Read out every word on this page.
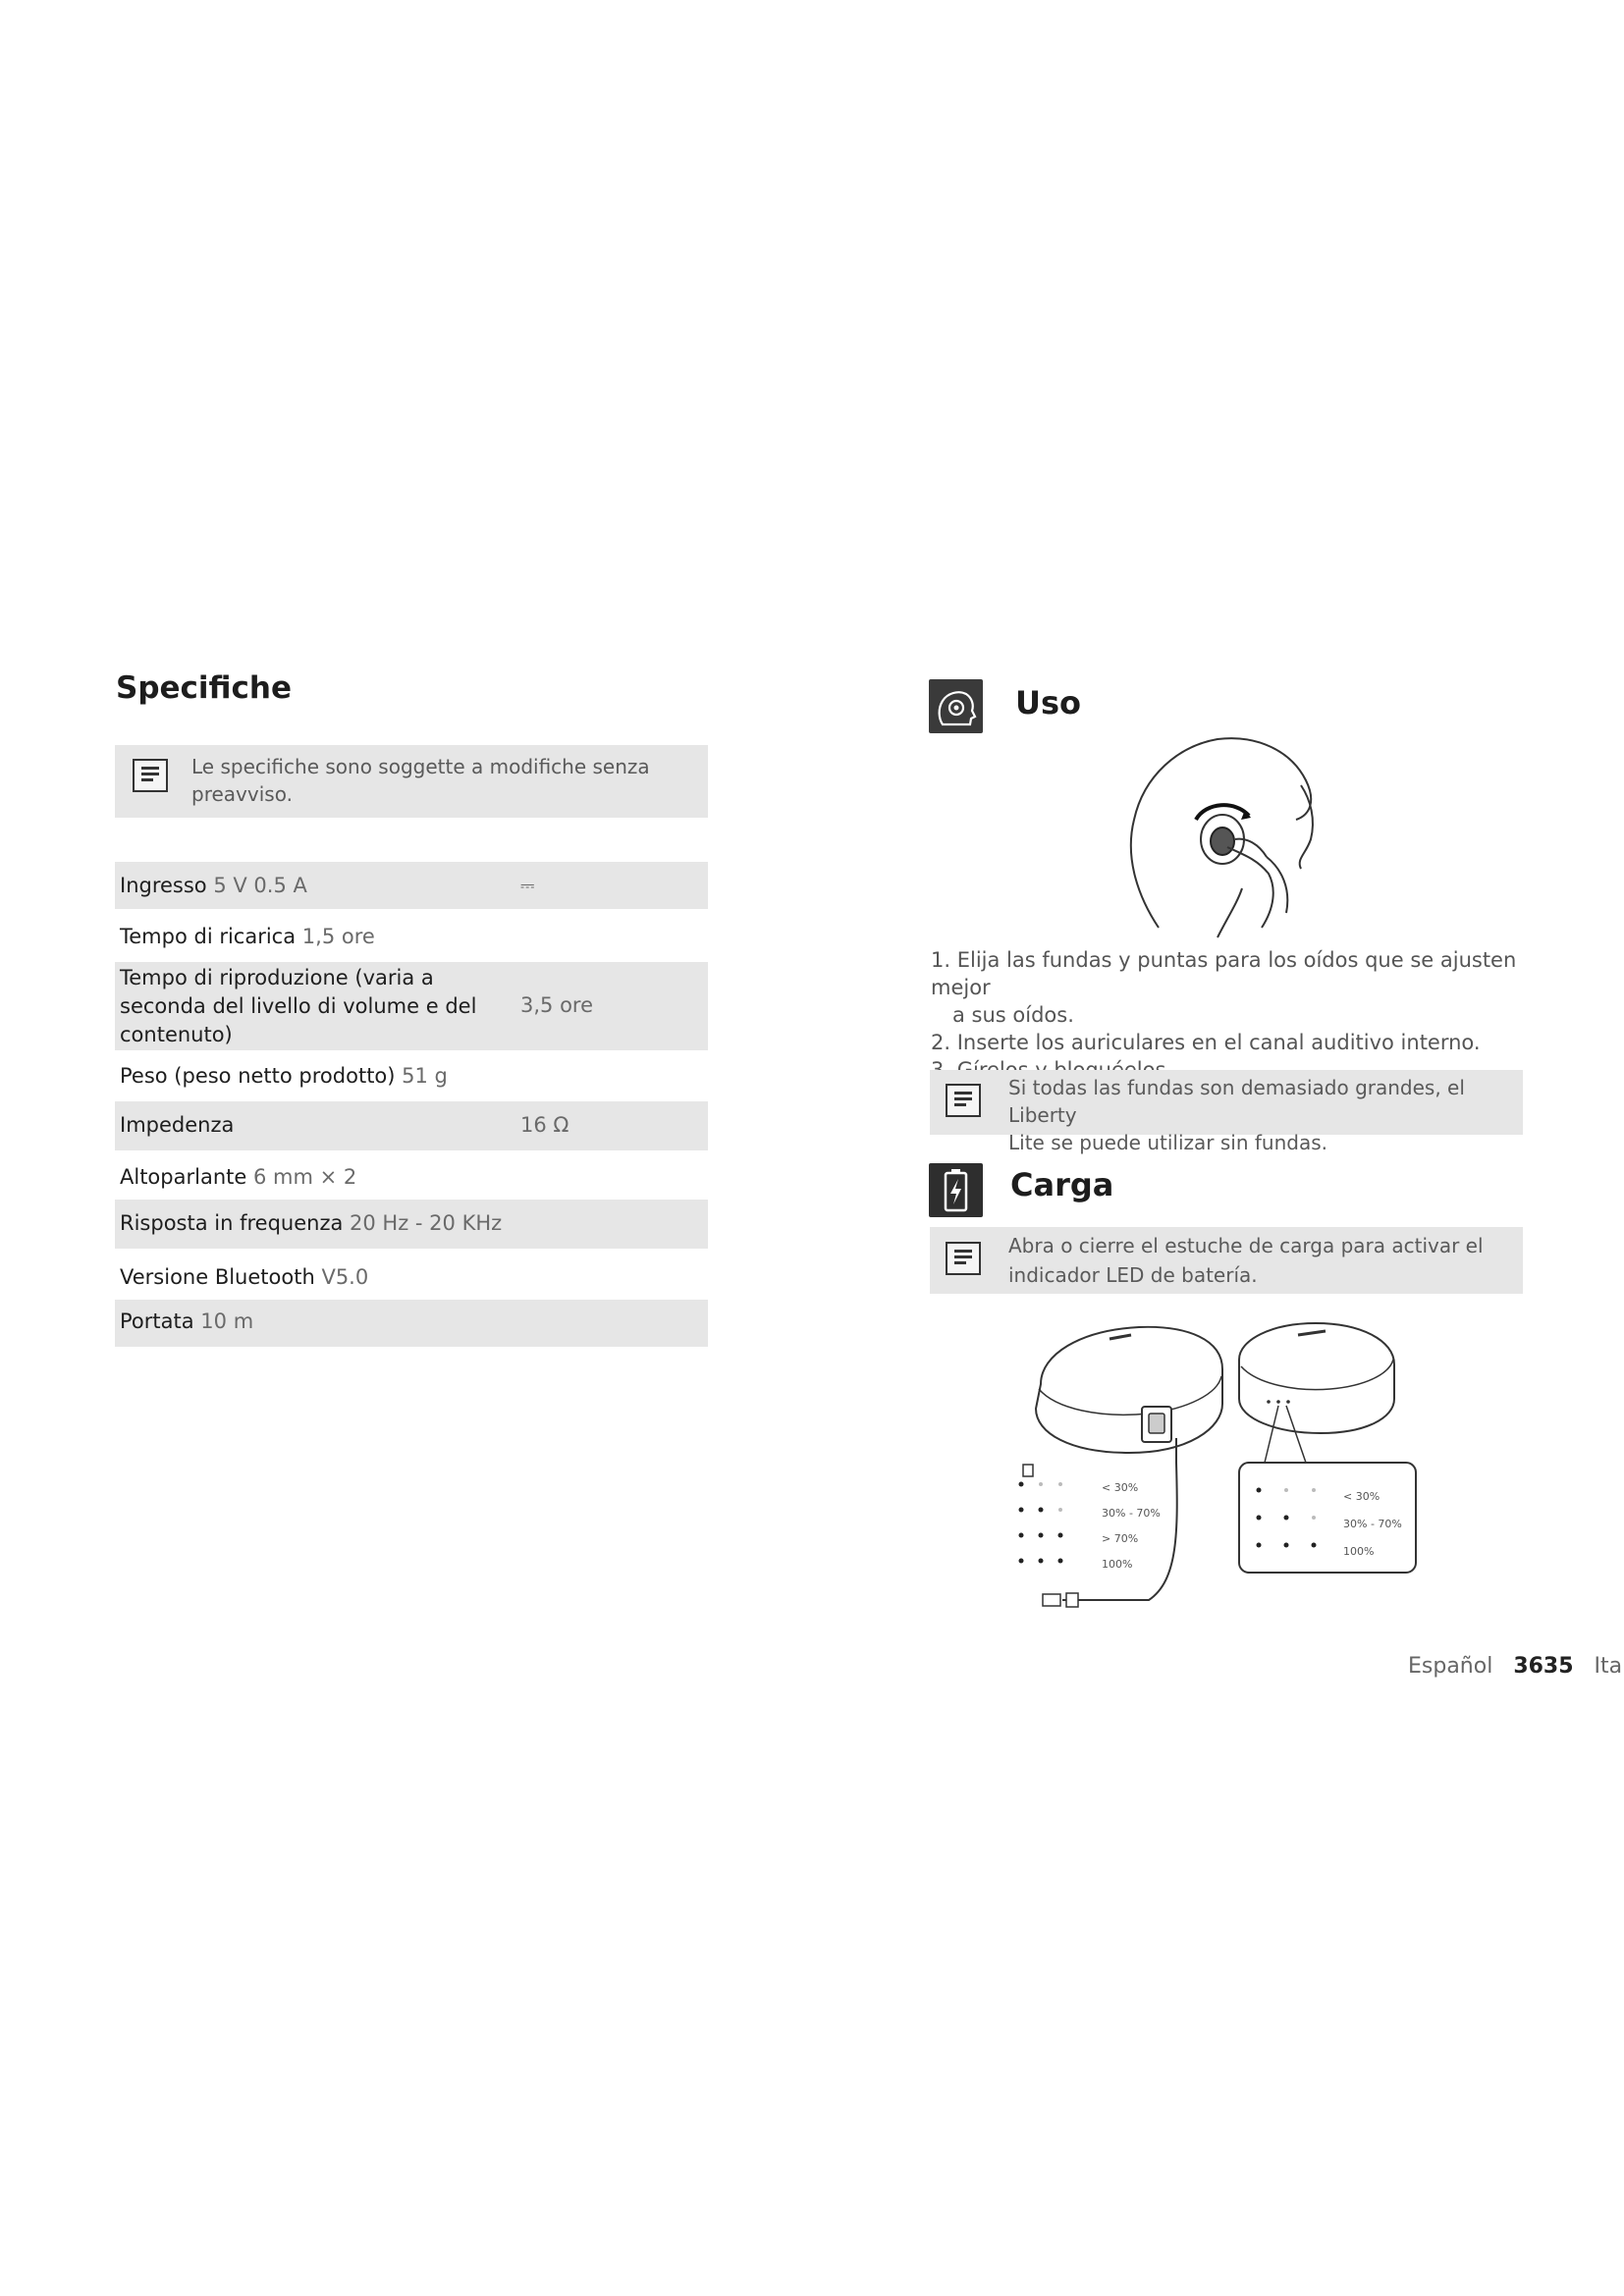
Specifiche
Le specifiche sono soggette a modifiche senza
preavviso.
Ingresso 5 V 0.5 A	⎓
Tempo di ricarica 1,5 ore
Tempo di riproduzione (varia a
seconda del livello di volume e del
contenuto)
3,5 ore
Peso (peso netto prodotto) 51 g
Impedenza	16 Ω
Altoparlante 6 mm × 2
Risposta in frequenza 20 Hz - 20 KHz
Versione Bluetooth V5.0
Portata 10 m
Uso
1. Elija las fundas y puntas para los oídos que se ajusten mejor
a sus oídos.
2. Inserte los auriculares en el canal auditivo interno.
Si todas las fundas son demasiado grandes, el Liberty
Lite se puede utilizar sin fundas.
Carga
Abra o cierre el estuche de carga para activar el
indicador LED de batería.
< 30%
30% - 70%
> 70%
100%
< 30%
30% - 70%
100%
Español 3635 Ita
